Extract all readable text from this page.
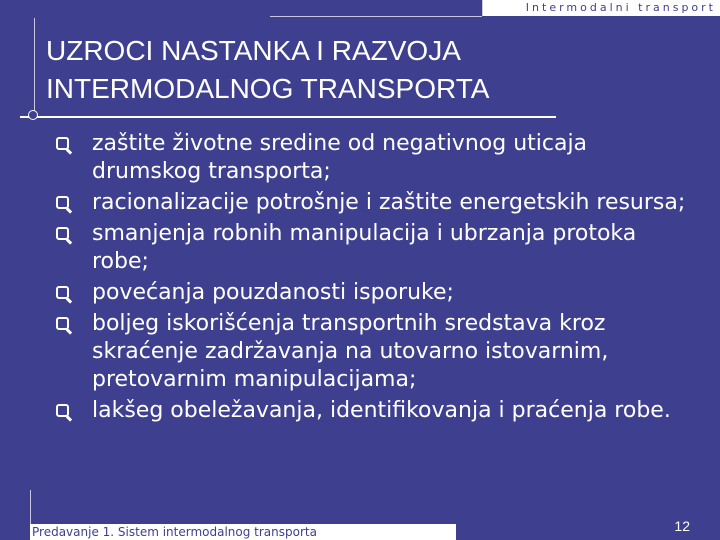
Intermodalni transport
UZROCI NASTANKA I RAZVOJA
INTERMODALNOG TRANSPORTA
zaštite životne sredine od negativnog uticaja drumskog transporta;
racionalizacije potrošnje i zaštite energetskih resursa;
smanjenja robnih manipulacija i ubrzanja protoka robe;
povećanja pouzdanosti isporuke;
boljeg iskorišćenja transportnih sredstava kroz skraćenje zadržavanja na utovarno istovarnim, pretovarnim manipulacijama;
lakšeg obeležavanja, identifikovanja i praćenja robe.
Predavanje 1. Sistem intermodalnog transporta	12
